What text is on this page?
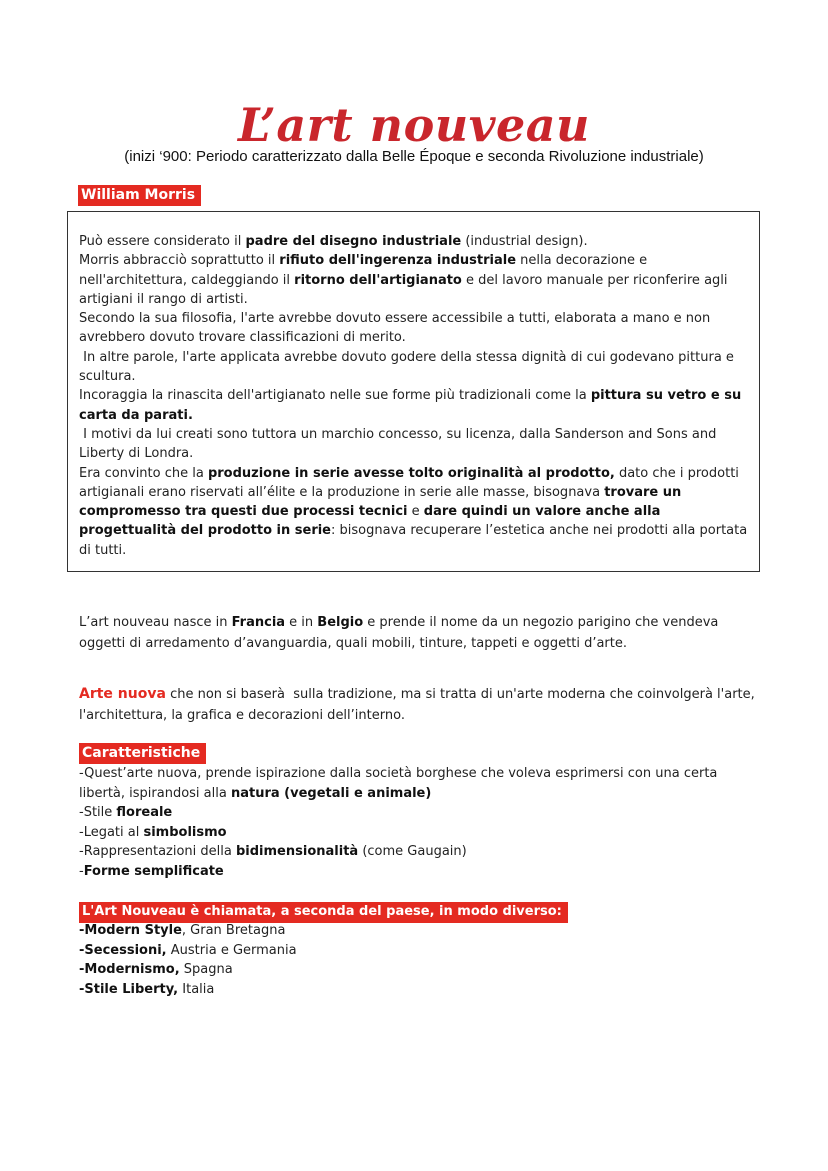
L’art nouveau
(inizi ‘900: Periodo caratterizzato dalla Belle Époque e seconda Rivoluzione industriale)
William Morris

Può essere considerato il padre del disegno industriale (industrial design).

Morris abbracciò soprattutto il rifiuto dell'ingerenza industriale nella decorazione e nell'architettura, caldeggiando il ritorno dell'artigianato e del lavoro manuale per riconferire agli artigiani il rango di artisti.

Secondo la sua filosofia, l'arte avrebbe dovuto essere accessibile a tutti, elaborata a mano e non avrebbero dovuto trovare classificazioni di merito.

In altre parole, l'arte applicata avrebbe dovuto godere della stessa dignità di cui godevano pittura e scultura.

Incoraggia la rinascita dell'artigianato nelle sue forme più tradizionali come la pittura su vetro e su carta da parati.

I motivi da lui creati sono tuttora un marchio concesso, su licenza, dalla Sanderson and Sons and Liberty di Londra.

Era convinto che la produzione in serie avesse tolto originalità al prodotto, dato che i prodotti artigianali erano riservati all’élite e la produzione in serie alle masse, bisognava trovare un compromesso tra questi due processi tecnici e dare quindi un valore anche alla progettualità del prodotto in serie: bisognava recuperare l’estetica anche nei prodotti alla portata di tutti.

L’art nouveau nasce in Francia e in Belgio e prende il nome da un negozio parigino che vendeva oggetti di arredamento d’avanguardia, quali mobili, tinture, tappeti e oggetti d’arte.
Arte nuova che non si baserà  sulla tradizione, ma si tratta di un'arte moderna che coinvolgerà l'arte, l'architettura, la grafica e decorazioni dell’interno.
Caratteristiche

-Quest’arte nuova, prende ispirazione dalla società borghese che voleva esprimersi con una certa libertà, ispirandosi alla natura (vegetali e animale)

-Stile floreale

-Legati al simbolismo

-Rappresentazioni della bidimensionalità (come Gaugain)

-Forme semplificate

L'Art Nouveau è chiamata, a seconda del paese, in modo diverso:

-Modern Style, Gran Bretagna

-Secessioni, Austria e Germania

-Modernismo, Spagna

-Stile Liberty, Italia
